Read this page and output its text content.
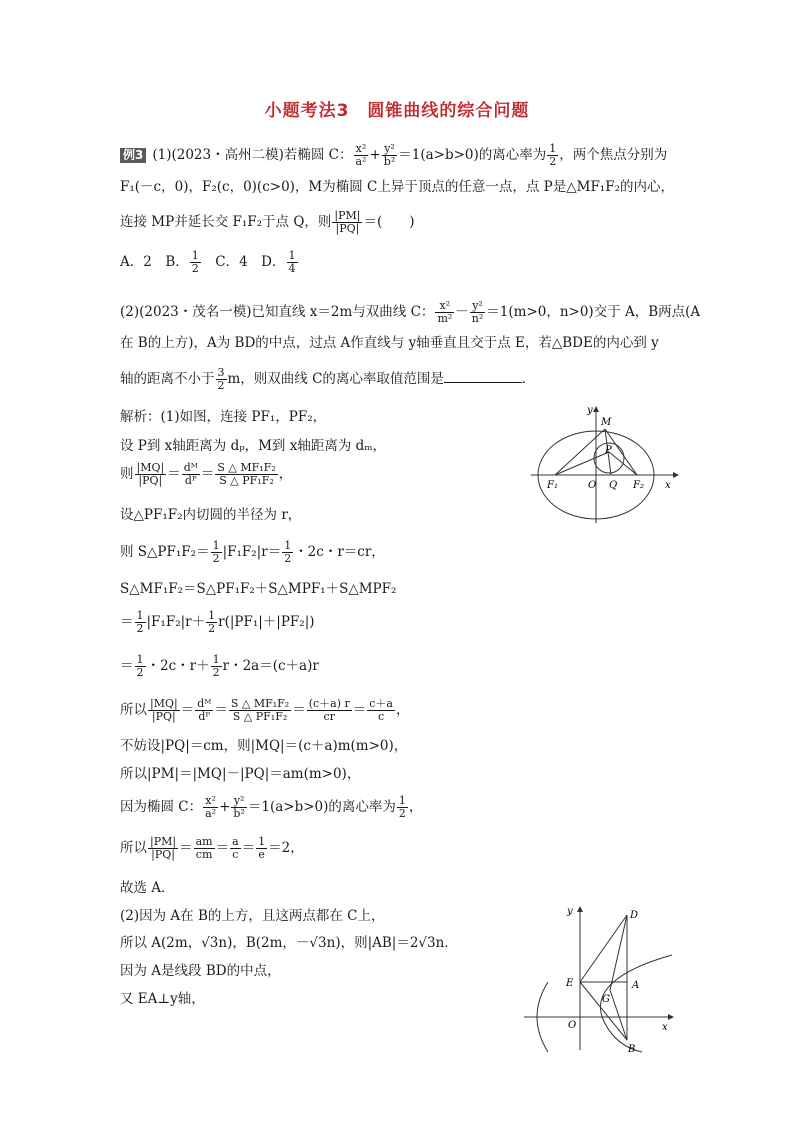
小题考法3　圆锥曲线的综合问题
例3 (1)(2023・高州二模)若椭圆 C： $\frac{\text{x²}}{\text{a²}} + \frac{\text{y²}}{\text{b²}} =1(a>b>0)$的离心率为 $\frac{1}{2}$ ，两个焦点分别为
F₁(－c，0)，F₂(c，0)(c>0)，M为椭圆 C上异于顶点的任意一点，点 P是△MF₁F₂的内心，
连接 MP并延长交 F₁F₂于点 Q，则 $\frac{|PM|}{|PQ|}$ ＝(　　)
A．2　B． $\frac{1}{2}$ 　C．4　D． $\frac{1}{4}$
(2)(2023・茂名一模)已知直线 x＝2m与双曲线 C： $\frac{\text{x²}}{\text{m²}} - \frac{\text{y²}}{\text{n²}} =1(m>0$，n>0)交于 A，B两点(A
在 B的上方)，A为 BD的中点，过点 A作直线与 y轴垂直且交于点 E，若△BDE的内心到 y
轴的距离不小于 $\frac{3}{2}$ m，则双曲线 C的离心率取值范围是	．
解析：(1)如图，连接 PF₁，PF₂，
设 P到 x轴距离为 dₚ，M到 x轴距离为 dₘ，
则 $\frac{|MQ|}{|PQ|} = \frac{\text{dᴹ}}{\text{dᴾ}} = \frac{\text{S △ MF₁F₂}}{\text{S △ PF₁F₂}}$ ，
设△PF₁F₂内切圆的半径为 r，
则 S△PF₁F₂＝ $\frac{1}{2} |F_1F_2|r= \frac{1}{2}$ ・2c・r＝cr，
S△MF₁F₂＝S△PF₁F₂＋S△MPF₁＋S△MPF₂
＝ $\frac{1}{2} |F_1F_2|r+ \frac{1}{2} r(|PF_1|+|PF_2|)$
＝ $\frac{1}{2}$ ・2c・$r+ \frac{1}{2}$ r・2a＝(c＋a)r
所以 $\frac{|MQ|}{|PQ|} = \frac{\text{dᴹ}}{\text{dᴾ}} = \frac{\text{S △ MF₁F₂}}{\text{S △ PF₁F₂}} = \frac{(c+a) r}{cr} = \frac{c+a}{c}$ ，
不妨设|PQ|＝cm，则|MQ|＝(c＋a)m(m>0)，
所以|PM|＝|MQ|－|PQ|＝am(m>0)，
因为椭圆 C： $\frac{\text{x²}}{\text{a²}} + \frac{\text{y²}}{\text{b²}} =1(a>b>0)$的离心率为 $\frac{1}{2}$ ，
所以 $\frac{|PM|}{|PQ|} = \frac{am}{cm} = \frac{a}{c} = \frac{1}{e} =2$，
故选 A．
(2)因为 A在 B的上方，且这两点都在 C上，
所以 A(2m，√3n)，B(2m，－√3n)，则|AB|＝2√3n．
因为 A是线段 BD的中点，
又 EA⊥y轴，
y
x
M
P
F₁	O Q F₂
y
x
D
E
G
A
O
B
